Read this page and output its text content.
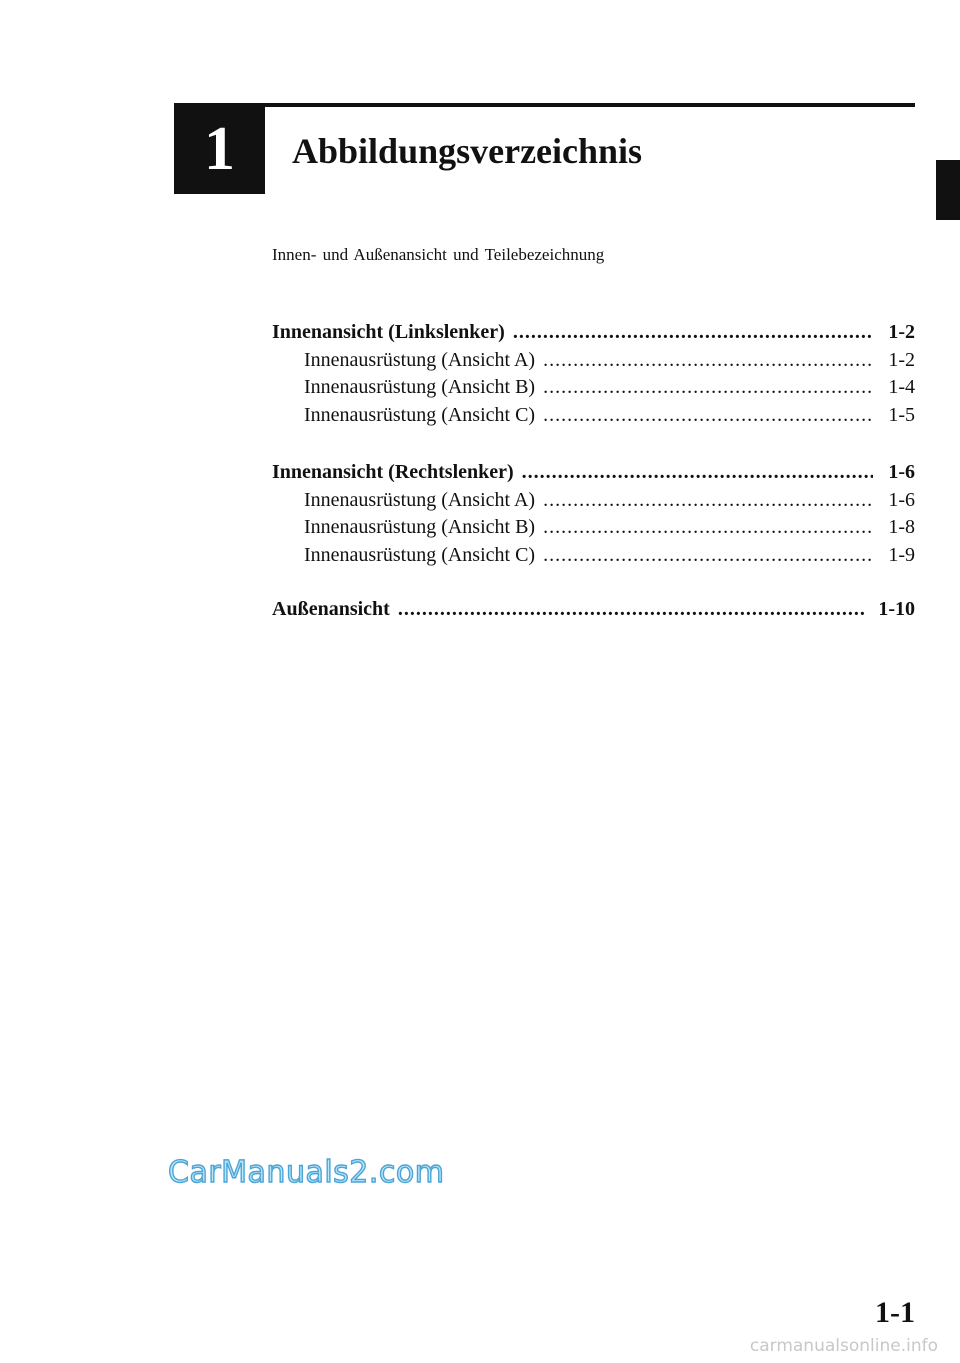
1 Abbildungsverzeichnis
Innen- und Außenansicht und Teilebezeichnung
Innenansicht (Linkslenker) .....	1-2
Innenausrüstung (Ansicht A) .....	1-2
Innenausrüstung (Ansicht B) .....	1-4
Innenausrüstung (Ansicht C) .....	1-5
Innenansicht (Rechtslenker) .....	1-6
Innenausrüstung (Ansicht A) .....	1-6
Innenausrüstung (Ansicht B) .....	1-8
Innenausrüstung (Ansicht C) .....	1-9
Außenansicht .....	1-10
CarManuals2.com
1-1
carmanualsonline.info
